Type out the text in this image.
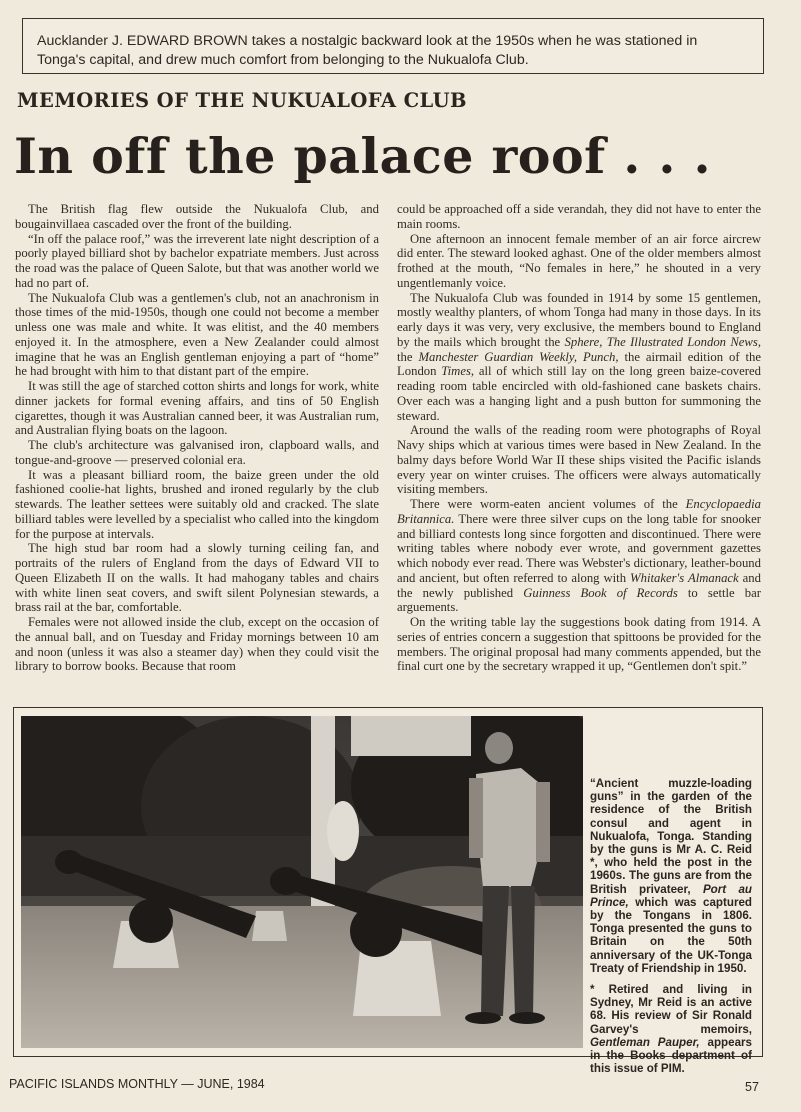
Aucklander J. EDWARD BROWN takes a nostalgic backward look at the 1950s when he was stationed in Tonga's capital, and drew much comfort from belonging to the Nukualofa Club.
MEMORIES OF THE NUKUALOFA CLUB
In off the palace roof . . .

The British flag flew outside the Nukualofa Club, and bougainvillaea cascaded over the front of the building.

“In off the palace roof,” was the irreverent late night description of a poorly played billiard shot by bachelor expatriate members. Just across the road was the palace of Queen Salote, but that was another world we had no part of.

The Nukualofa Club was a gentlemen's club, not an anachronism in those times of the mid-1950s, though one could not become a member unless one was male and white. It was elitist, and the 40 members enjoyed it. In the atmosphere, even a New Zealander could almost imagine that he was an English gentleman enjoying a part of “home” he had brought with him to that distant part of the empire.

It was still the age of starched cotton shirts and longs for work, white dinner jackets for formal evening affairs, and tins of 50 English cigarettes, though it was Australian canned beer, it was Australian rum, and Australian flying boats on the lagoon.

The club's architecture was galvanised iron, clapboard walls, and tongue-and-groove — preserved colonial era.

It was a pleasant billiard room, the baize green under the old fashioned coolie-hat lights, brushed and ironed regularly by the club stewards. The leather settees were suitably old and cracked. The slate billiard tables were levelled by a specialist who called into the kingdom for the purpose at intervals.

The high stud bar room had a slowly turning ceiling fan, and portraits of the rulers of England from the days of Edward VII to Queen Elizabeth II on the walls. It had mahogany tables and chairs with white linen seat covers, and swift silent Polynesian stewards, a brass rail at the bar, comfortable.

Females were not allowed inside the club, except on the occasion of the annual ball, and on Tuesday and Friday mornings between 10 am and noon (unless it was also a steamer day) when they could visit the library to borrow books. Because that room

could be approached off a side verandah, they did not have to enter the main rooms.

One afternoon an innocent female member of an air force aircrew did enter. The steward looked aghast. One of the older members almost frothed at the mouth, “No females in here,” he shouted in a very ungentlemanly voice.

The Nukualofa Club was founded in 1914 by some 15 gentlemen, mostly wealthy planters, of whom Tonga had many in those days. In its early days it was very, very exclusive, the members bound to England by the mails which brought the Sphere, The Illustrated London News, the Manchester Guardian Weekly, Punch, the airmail edition of the London Times, all of which still lay on the long green baize-covered reading room table encircled with old-fashioned cane baskets chairs. Over each was a hanging light and a push button for summoning the steward.

Around the walls of the reading room were photographs of Royal Navy ships which at various times were based in New Zealand. In the balmy days before World War II these ships visited the Pacific islands every year on winter cruises. The officers were always automatically visiting members.

There were worm-eaten ancient volumes of the Encyclopaedia Britannica. There were three silver cups on the long table for snooker and billiard contests long since forgotten and discontinued. There were writing tables where nobody ever wrote, and government gazettes which nobody ever read. There was Webster's dictionary, leather-bound and ancient, but often referred to along with Whitaker's Almanack and the newly published Guinness Book of Records to settle bar arguements.

On the writing table lay the suggestions book dating from 1914. A series of entries concern a suggestion that spittoons be provided for the members. The original proposal had many comments appended, but the final curt one by the secretary wrapped it up, “Gentlemen don't spit.”

“Ancient muzzle-loading guns” in the garden of the residence of the British consul and agent in Nukualofa, Tonga. Standing by the guns is Mr A. C. Reid *, who held the post in the 1960s. The guns are from the British privateer, Port au Prince, which was captured by the Tongans in 1806. Tonga presented the guns to Britain on the 50th anniversary of the UK-Tonga Treaty of Friendship in 1950.

* Retired and living in Sydney, Mr Reid is an active 68. His review of Sir Ronald Garvey's memoirs, Gentleman Pauper, appears in the Books department of this issue of PIM.

PACIFIC ISLANDS MONTHLY — JUNE, 1984	57
